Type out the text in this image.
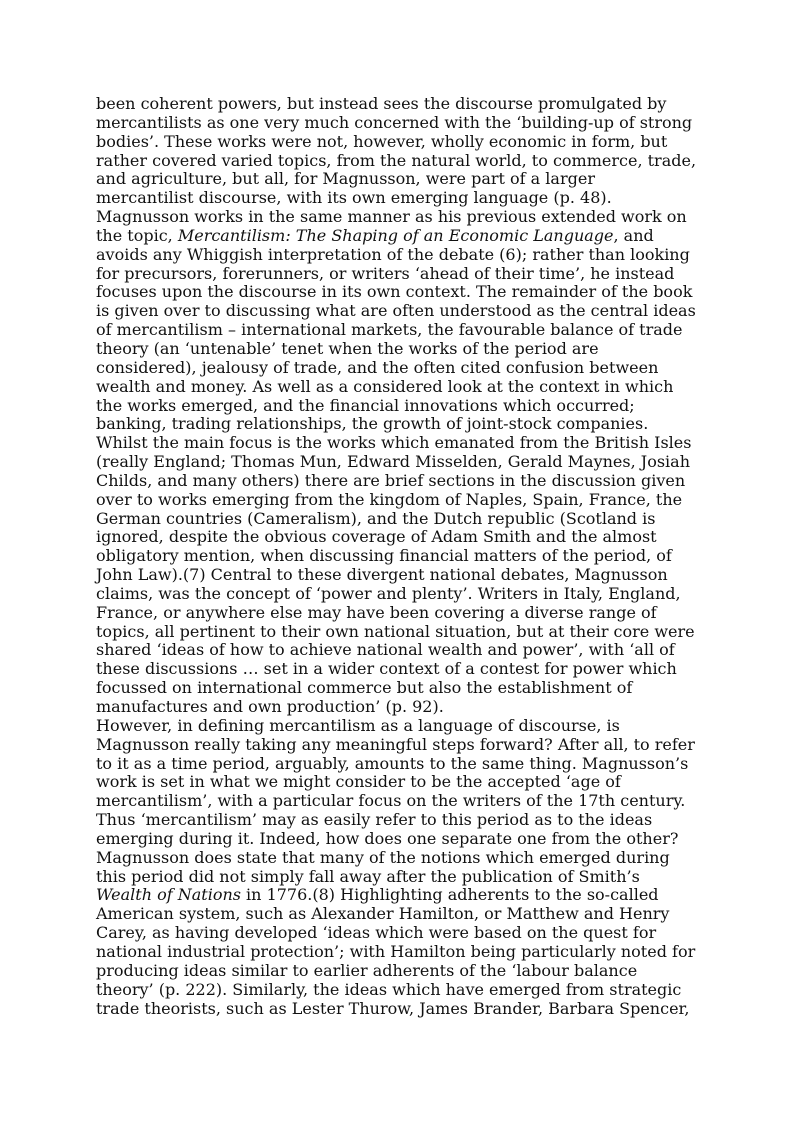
been coherent powers, but instead sees the discourse promulgated by
mercantilists as one very much concerned with the ‘building-up of strong
bodies’. These works were not, however, wholly economic in form, but
rather covered varied topics, from the natural world, to commerce, trade,
and agriculture, but all, for Magnusson, were part of a larger
mercantilist discourse, with its own emerging language (p. 48).

Magnusson works in the same manner as his previous extended work on
the topic, Mercantilism: The Shaping of an Economic Language, and
avoids any Whiggish interpretation of the debate (6); rather than looking
for precursors, forerunners, or writers ‘ahead of their time’, he instead
focuses upon the discourse in its own context. The remainder of the book
is given over to discussing what are often understood as the central ideas
of mercantilism – international markets, the favourable balance of trade
theory (an ‘untenable’ tenet when the works of the period are
considered), jealousy of trade, and the often cited confusion between
wealth and money. As well as a considered look at the context in which
the works emerged, and the financial innovations which occurred;
banking, trading relationships, the growth of joint-stock companies.
Whilst the main focus is the works which emanated from the British Isles
(really England; Thomas Mun, Edward Misselden, Gerald Maynes, Josiah
Childs, and many others) there are brief sections in the discussion given
over to works emerging from the kingdom of Naples, Spain, France, the
German countries (Cameralism), and the Dutch republic (Scotland is
ignored, despite the obvious coverage of Adam Smith and the almost
obligatory mention, when discussing financial matters of the period, of
John Law).(7) Central to these divergent national debates, Magnusson
claims, was the concept of ‘power and plenty’. Writers in Italy, England,
France, or anywhere else may have been covering a diverse range of
topics, all pertinent to their own national situation, but at their core were
shared ‘ideas of how to achieve national wealth and power’, with ‘all of
these discussions … set in a wider context of a contest for power which
focussed on international commerce but also the establishment of
manufactures and own production’ (p. 92).

However, in defining mercantilism as a language of discourse, is
Magnusson really taking any meaningful steps forward? After all, to refer
to it as a time period, arguably, amounts to the same thing. Magnusson’s
work is set in what we might consider to be the accepted ‘age of
mercantilism’, with a particular focus on the writers of the 17th century.
Thus ‘mercantilism’ may as easily refer to this period as to the ideas
emerging during it. Indeed, how does one separate one from the other?
Magnusson does state that many of the notions which emerged during
this period did not simply fall away after the publication of Smith’s
Wealth of Nations in 1776.(8) Highlighting adherents to the so-called
American system, such as Alexander Hamilton, or Matthew and Henry
Carey, as having developed ‘ideas which were based on the quest for
national industrial protection’; with Hamilton being particularly noted for
producing ideas similar to earlier adherents of the ‘labour balance
theory’ (p. 222). Similarly, the ideas which have emerged from strategic
trade theorists, such as Lester Thurow, James Brander, Barbara Spencer,
